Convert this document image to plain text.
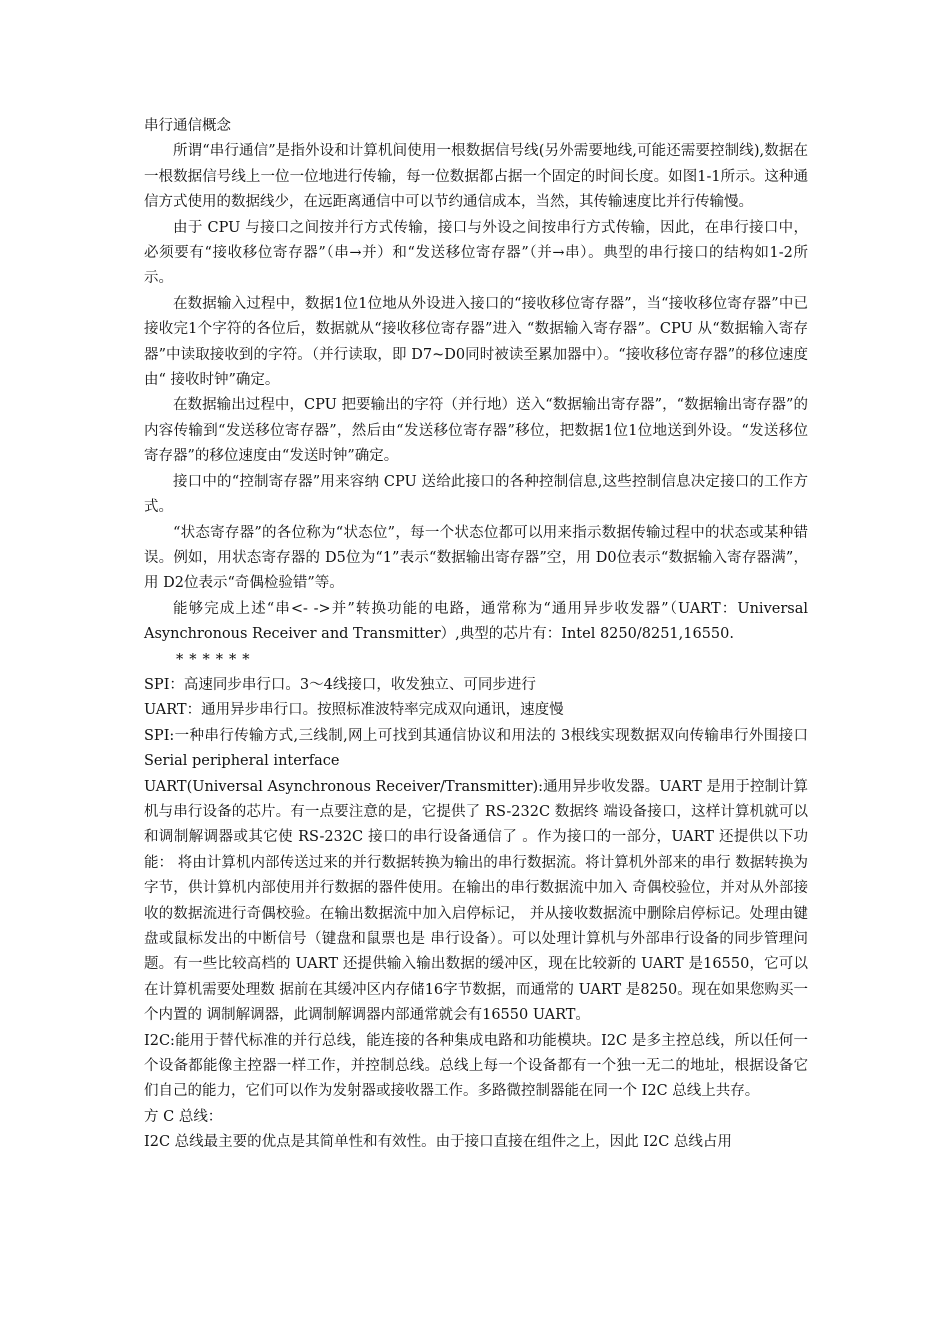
串行通信概念

所谓“串行通信”是指外设和计算机间使用一根数据信号线(另外需要地线,可能还需要控制线),数据在一根数据信号线上一位一位地进行传输，每一位数据都占据一个固定的时间长度。如图1-1所示。这种通信方式使用的数据线少，在远距离通信中可以节约通信成本，当然，其传输速度比并行传输慢。

由于 CPU 与接口之间按并行方式传输，接口与外设之间按串行方式传输，因此，在串行接口中，必须要有“接收移位寄存器”（串→并）和“发送移位寄存器”（并→串）。典型的串行接口的结构如1-2所示。

在数据输入过程中，数据1位1位地从外设进入接口的“接收移位寄存器”，当“接收移位寄存器”中已接收完1个字符的各位后，数据就从“接收移位寄存器”进入 “数据输入寄存器”。CPU 从“数据输入寄存器”中读取接收到的字符。（并行读取，即 D7~D0同时被读至累加器中）。“接收移位寄存器”的移位速度由“ 接收时钟”确定。

在数据输出过程中，CPU 把要输出的字符（并行地）送入“数据输出寄存器”，“数据输出寄存器”的内容传输到“发送移位寄存器”，然后由“发送移位寄存器”移位，把数据1位1位地送到外设。“发送移位寄存器”的移位速度由“发送时钟”确定。

接口中的“控制寄存器”用来容纳 CPU 送给此接口的各种控制信息,这些控制信息决定接口的工作方式。

“状态寄存器”的各位称为“状态位”，每一个状态位都可以用来指示数据传输过程中的状态或某种错误。例如，用状态寄存器的 D5位为“1”表示“数据输出寄存器”空，用 D0位表示“数据输入寄存器满”，用 D2位表示“奇偶检验错”等。

能够完成上述“串<- ->并”转换功能的电路，通常称为“通用异步收发器”（UART：Universal Asynchronous Receiver and Transmitter）,典型的芯片有：Intel 8250/8251,16550.

******

SPI：高速同步串行口。3～4线接口，收发独立、可同步进行

UART：通用异步串行口。按照标准波特率完成双向通讯，速度慢

SPI:一种串行传输方式,三线制,网上可找到其通信协议和用法的 3根线实现数据双向传输串行外围接口 Serial peripheral interface

UART(Universal Asynchronous Receiver/Transmitter):通用异步收发器。UART 是用于控制计算机与串行设备的芯片。有一点要注意的是，它提供了 RS-232C 数据终 端设备接口，这样计算机就可以和调制解调器或其它使 RS-232C 接口的串行设备通信了 。作为接口的一部分，UART 还提供以下功能： 将由计算机内部传送过来的并行数据转换为输出的串行数据流。将计算机外部来的串行 数据转换为字节，供计算机内部使用并行数据的器件使用。在输出的串行数据流中加入 奇偶校验位，并对从外部接收的数据流进行奇偶校验。在输出数据流中加入启停标记， 并从接收数据流中删除启停标记。处理由键盘或鼠标发出的中断信号（键盘和鼠票也是 串行设备）。可以处理计算机与外部串行设备的同步管理问题。有一些比较高档的 UART 还提供输入输出数据的缓冲区，现在比较新的 UART 是16550，它可以在计算机需要处理数 据前在其缓冲区内存储16字节数据，而通常的 UART 是8250。现在如果您购买一个内置的 调制解调器，此调制解调器内部通常就会有16550 UART。

I2C:能用于替代标准的并行总线，能连接的各种集成电路和功能模块。I2C 是多主控总线，所以任何一个设备都能像主控器一样工作，并控制总线。总线上每一个设备都有一个独一无二的地址，根据设备它们自己的能力，它们可以作为发射器或接收器工作。多路微控制器能在同一个 I2C 总线上共存。

方 C 总线：

I2C 总线最主要的优点是其简单性和有效性。由于接口直接在组件之上，因此 I2C 总线占用
